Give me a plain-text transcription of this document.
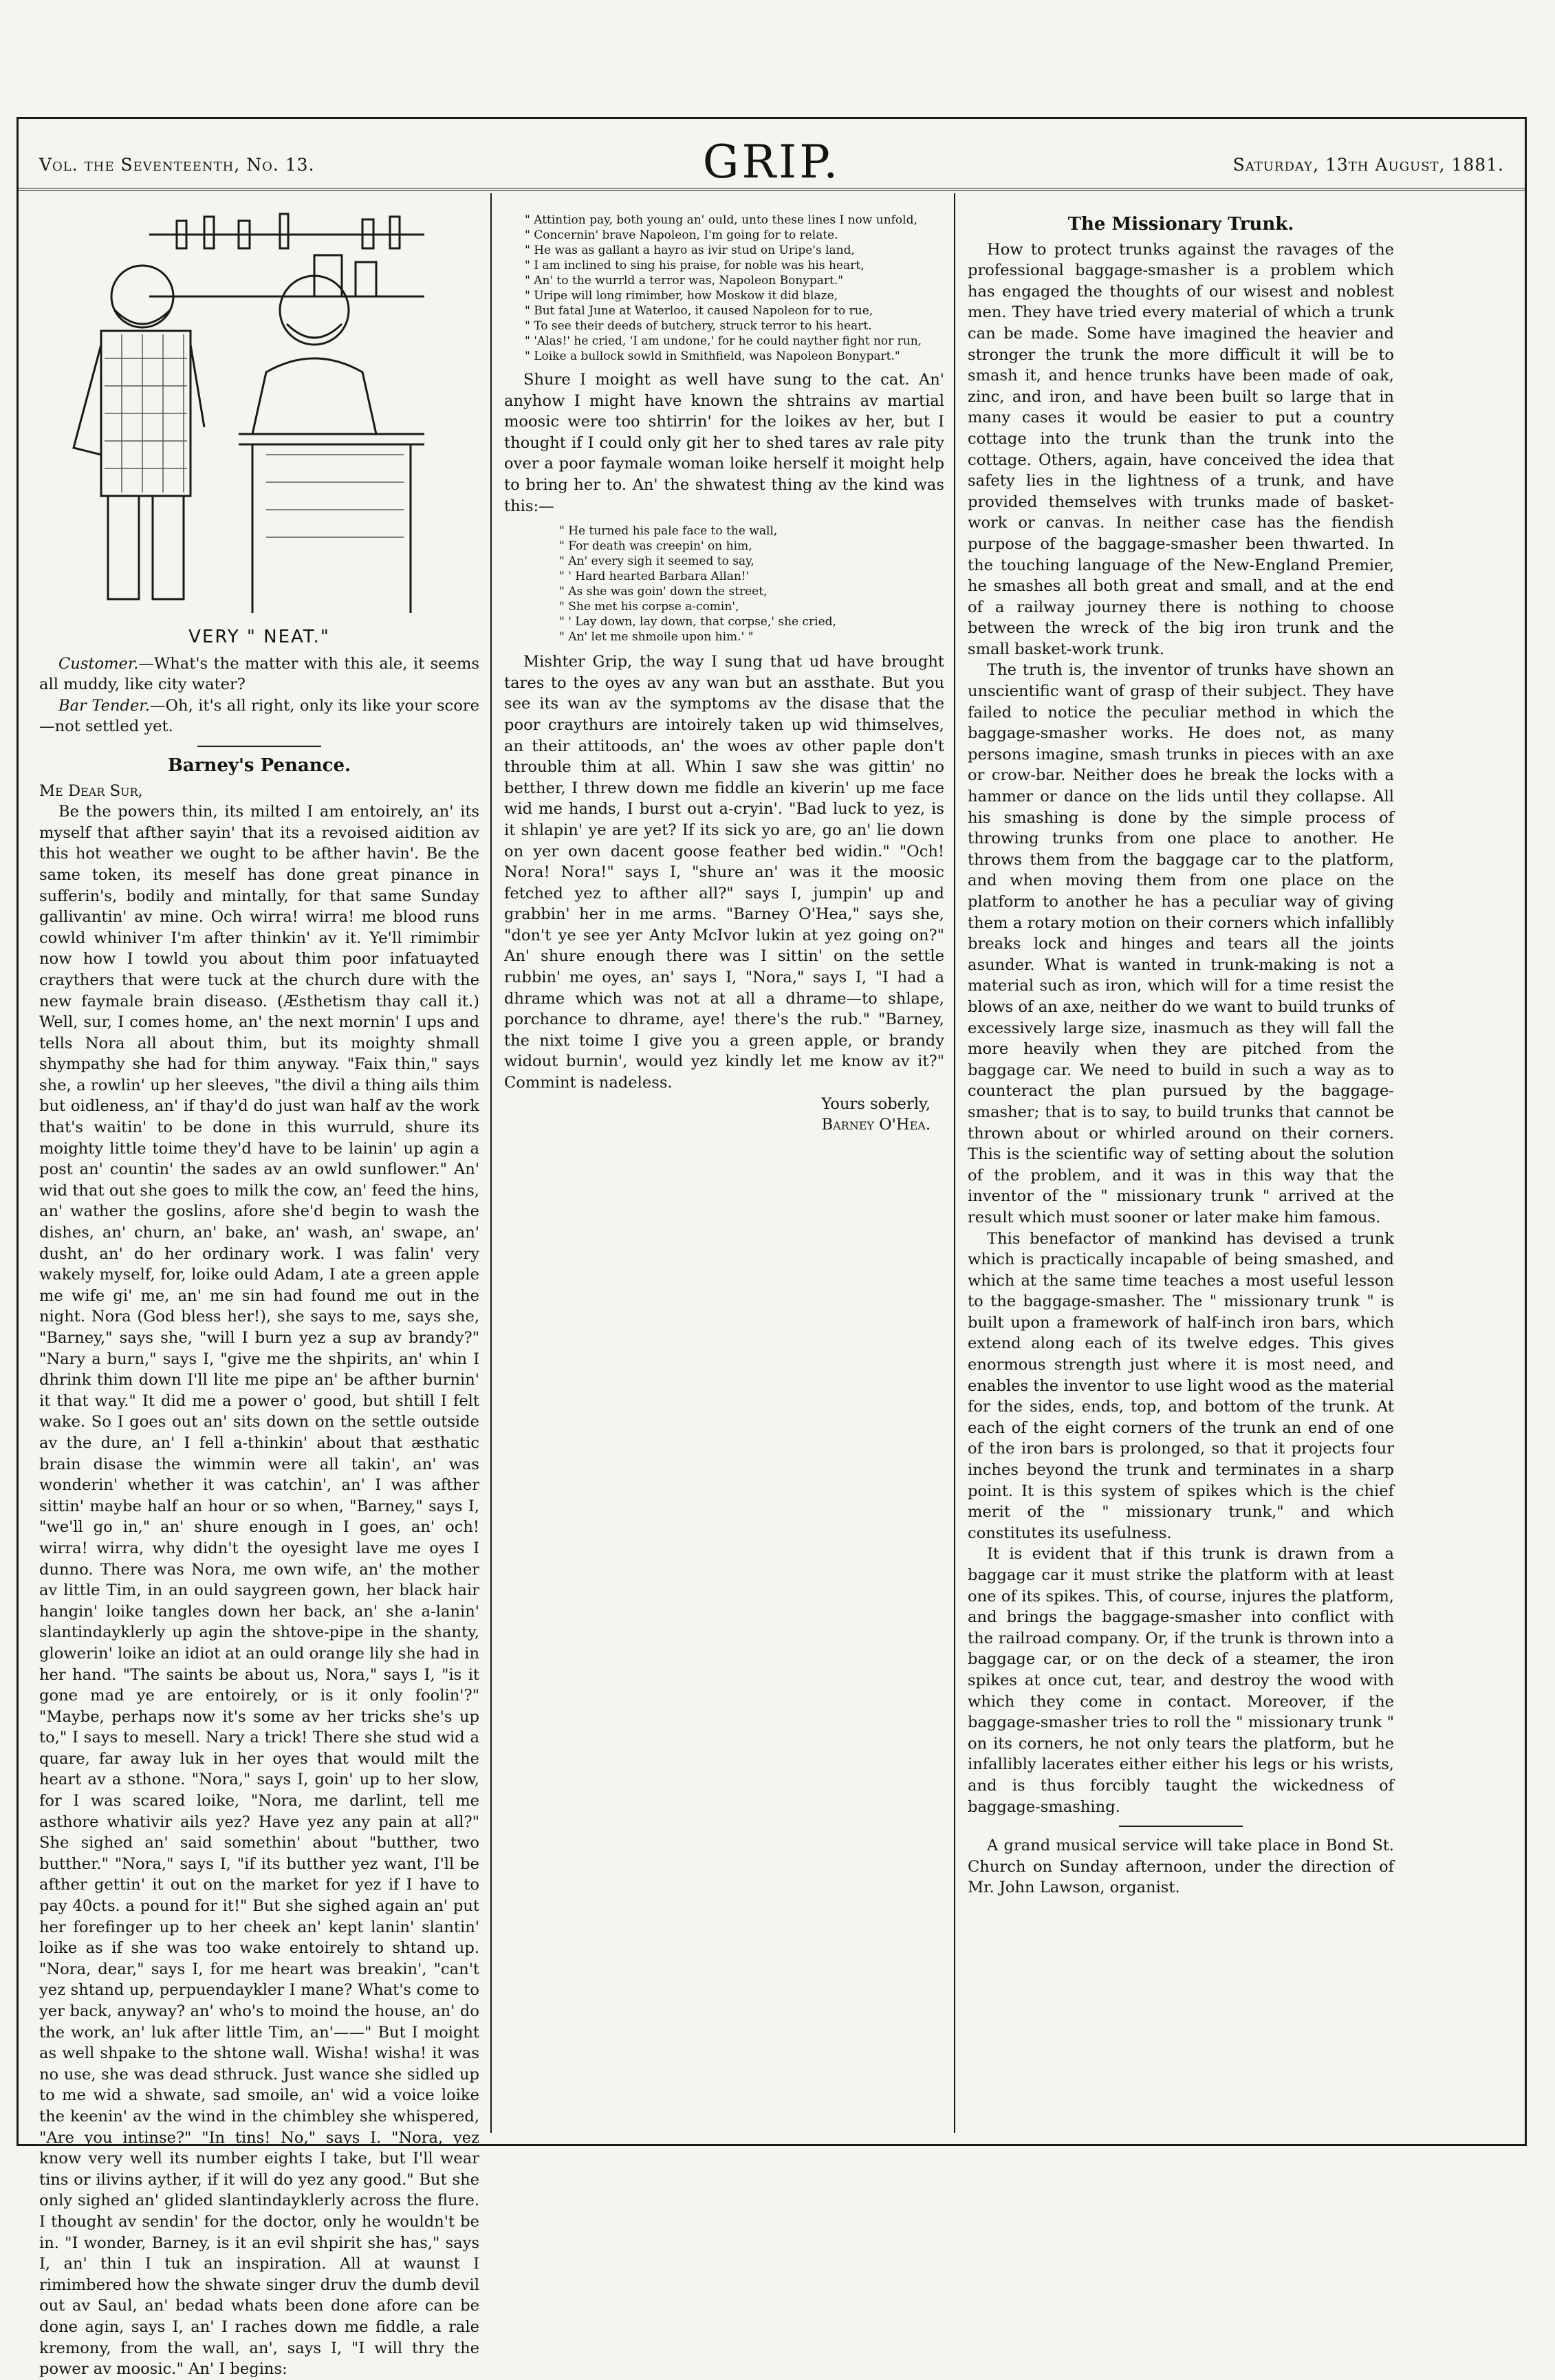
Vol. the Seventeenth, No. 13.	GRIP.	Saturday, 13th August, 1881.
VERY " NEAT."

Customer.—What's the matter with this ale, it seems all muddy, like city water?

Bar Tender.—Oh, it's all right, only its like your score—not settled yet.

Barney's Penance.

Me Dear Sur,

Be the powers thin, its milted I am entoirely, an' its myself that afther sayin' that its a revoised aidition av this hot weather we ought to be afther havin'. Be the same token, its meself has done great pinance in sufferin's, bodily and mintally, for that same Sunday gallivantin' av mine. Och wirra! wirra! me blood runs cowld whiniver I'm after thinkin' av it. Ye'll rimimbir now how I towld you about thim poor infatuayted craythers that were tuck at the church dure with the new faymale brain diseaso. (Æsthetism thay call it.) Well, sur, I comes home, an' the next mornin' I ups and tells Nora all about thim, but its moighty shmall shympathy she had for thim anyway. "Faix thin," says she, a rowlin' up her sleeves, "the divil a thing ails thim but oidleness, an' if thay'd do just wan half av the work that's waitin' to be done in this wurruld, shure its moighty little toime they'd have to be lainin' up agin a post an' countin' the sades av an owld sunflower." An' wid that out she goes to milk the cow, an' feed the hins, an' wather the goslins, afore she'd begin to wash the dishes, an' churn, an' bake, an' wash, an' swape, an' dusht, an' do her ordinary work. I was falin' very wakely myself, for, loike ould Adam, I ate a green apple me wife gi' me, an' me sin had found me out in the night. Nora (God bless her!), she says to me, says she, "Barney," says she, "will I burn yez a sup av brandy?" "Nary a burn," says I, "give me the shpirits, an' whin I dhrink thim down I'll lite me pipe an' be afther burnin' it that way." It did me a power o' good, but shtill I felt wake. So I goes out an' sits down on the settle outside av the dure, an' I fell a-thinkin' about that æsthatic brain disase the wimmin were all takin', an' was wonderin' whether it was catchin', an' I was afther sittin' maybe half an hour or so when, "Barney," says I, "we'll go in," an' shure enough in I goes, an' och! wirra! wirra, why didn't the oyesight lave me oyes I dunno. There was Nora, me own wife, an' the mother av little Tim, in an ould saygreen gown, her black hair hangin' loike tangles down her back, an' she a-lanin' slantindayklerly up agin the shtove-pipe in the shanty, glowerin' loike an idiot at an ould orange lily she had in her hand. "The saints be about us, Nora," says I, "is it gone mad ye are entoirely, or is it only foolin'?" "Maybe, perhaps now it's some av her tricks she's up to," I says to mesell. Nary a trick! There she stud wid a quare, far away luk in her oyes that would milt the heart av a sthone. "Nora," says I, goin' up to her slow, for I was scared loike, "Nora, me darlint, tell me asthore whativir ails yez? Have yez any pain at all?" She sighed an' said somethin' about "butther, two butther." "Nora," says I, "if its butther yez want, I'll be afther gettin' it out on the market for yez if I have to pay 40cts. a pound for it!" But she sighed again an' put her forefinger up to her cheek an' kept lanin' slantin' loike as if she was too wake entoirely to shtand up. "Nora, dear," says I, for me heart was breakin', "can't yez shtand up, perpuendaykler I mane? What's come to yer back, anyway? an' who's to moind the house, an' do the work, an' luk after little Tim, an'——" But I moight as well shpake to the shtone wall. Wisha! wisha! it was no use, she was dead sthruck. Just wance she sidled up to me wid a shwate, sad smoile, an' wid a voice loike the keenin' av the wind in the chimbley she whispered, "Are you intinse?" "In tins! No," says I. "Nora, yez know very well its number eights I take, but I'll wear tins or ilivins ayther, if it will do yez any good." But she only sighed an' glided slantindayklerly across the flure. I thought av sendin' for the doctor, only he wouldn't be in. "I wonder, Barney, is it an evil shpirit she has," says I, an' thin I tuk an inspiration. All at waunst I rimimbered how the shwate singer druv the dumb devil out av Saul, an' bedad whats been done afore can be done agin, says I, an' I raches down me fiddle, a rale kremony, from the wall, an', says I, "I will thry the power av moosic." An' I begins:

" Attintion pay, both young an' ould, unto these lines I now unfold,
" Concernin' brave Napoleon, I'm going for to relate.
" He was as gallant a hayro as ivir stud on Uripe's land,
" I am inclined to sing his praise, for noble was his heart,
" An' to the wurrld a terror was, Napoleon Bonypart."
" Uripe will long rimimber, how Moskow it did blaze,
" But fatal June at Waterloo, it caused Napoleon for to rue,
" To see their deeds of butchery, struck terror to his heart.
" 'Alas!' he cried, 'I am undone,' for he could nayther fight nor run,
" Loike a bullock sowld in Smithfield, was Napoleon Bonypart."

Shure I moight as well have sung to the cat. An' anyhow I might have known the shtrains av martial moosic were too shtirrin' for the loikes av her, but I thought if I could only git her to shed tares av rale pity over a poor faymale woman loike herself it moight help to bring her to. An' the shwatest thing av the kind was this:—

" He turned his pale face to the wall,
" For death was creepin' on him,
" An' every sigh it seemed to say,
" ' Hard hearted Barbara Allan!'
" As she was goin' down the street,
" She met his corpse a-comin',
" ' Lay down, lay down, that corpse,' she cried,
" An' let me shmoile upon him.' "

Mishter Grip, the way I sung that ud have brought tares to the oyes av any wan but an assthate. But you see its wan av the symptoms av the disase that the poor craythurs are intoirely taken up wid thimselves, an their attitoods, an' the woes av other paple don't throuble thim at all. Whin I saw she was gittin' no betther, I threw down me fiddle an kiverin' up me face wid me hands, I burst out a-cryin'. "Bad luck to yez, is it shlapin' ye are yet? If its sick yo are, go an' lie down on yer own dacent goose feather bed widin." "Och! Nora! Nora!" says I, "shure an' was it the moosic fetched yez to afther all?" says I, jumpin' up and grabbin' her in me arms. "Barney O'Hea," says she, "don't ye see yer Anty McIvor lukin at yez going on?" An' shure enough there was I sittin' on the settle rubbin' me oyes, an' says I, "Nora," says I, "I had a dhrame which was not at all a dhrame—to shlape, porchance to dhrame, aye! there's the rub." "Barney, the nixt toime I give you a green apple, or brandy widout burnin', would yez kindly let me know av it?" Commint is nadeless.

Yours soberly,

Barney O'Hea.

The Missionary Trunk.

How to protect trunks against the ravages of the professional baggage-smasher is a problem which has engaged the thoughts of our wisest and noblest men. They have tried every material of which a trunk can be made. Some have imagined the heavier and stronger the trunk the more difficult it will be to smash it, and hence trunks have been made of oak, zinc, and iron, and have been built so large that in many cases it would be easier to put a country cottage into the trunk than the trunk into the cottage. Others, again, have conceived the idea that safety lies in the lightness of a trunk, and have provided themselves with trunks made of basket-work or canvas. In neither case has the fiendish purpose of the baggage-smasher been thwarted. In the touching language of the New-England Premier, he smashes all both great and small, and at the end of a railway journey there is nothing to choose between the wreck of the big iron trunk and the small basket-work trunk.

The truth is, the inventor of trunks have shown an unscientific want of grasp of their subject. They have failed to notice the peculiar method in which the baggage-smasher works. He does not, as many persons imagine, smash trunks in pieces with an axe or crow-bar. Neither does he break the locks with a hammer or dance on the lids until they collapse. All his smashing is done by the simple process of throwing trunks from one place to another. He throws them from the baggage car to the platform, and when moving them from one place on the platform to another he has a peculiar way of giving them a rotary motion on their corners which infallibly breaks lock and hinges and tears all the joints asunder. What is wanted in trunk-making is not a material such as iron, which will for a time resist the blows of an axe, neither do we want to build trunks of excessively large size, inasmuch as they will fall the more heavily when they are pitched from the baggage car. We need to build in such a way as to counteract the plan pursued by the baggage-smasher; that is to say, to build trunks that cannot be thrown about or whirled around on their corners. This is the scientific way of setting about the solution of the problem, and it was in this way that the inventor of the " missionary trunk " arrived at the result which must sooner or later make him famous.

This benefactor of mankind has devised a trunk which is practically incapable of being smashed, and which at the same time teaches a most useful lesson to the baggage-smasher. The " missionary trunk " is built upon a framework of half-inch iron bars, which extend along each of its twelve edges. This gives enormous strength just where it is most need, and enables the inventor to use light wood as the material for the sides, ends, top, and bottom of the trunk. At each of the eight corners of the trunk an end of one of the iron bars is prolonged, so that it projects four inches beyond the trunk and terminates in a sharp point. It is this system of spikes which is the chief merit of the " missionary trunk," and which constitutes its usefulness.

It is evident that if this trunk is drawn from a baggage car it must strike the platform with at least one of its spikes. This, of course, injures the platform, and brings the baggage-smasher into conflict with the railroad company. Or, if the trunk is thrown into a baggage car, or on the deck of a steamer, the iron spikes at once cut, tear, and destroy the wood with which they come in contact. Moreover, if the baggage-smasher tries to roll the " missionary trunk " on its corners, he not only tears the platform, but he infallibly lacerates either either his legs or his wrists, and is thus forcibly taught the wickedness of baggage-smashing.

A grand musical service will take place in Bond St. Church on Sunday afternoon, under the direction of Mr. John Lawson, organist.
